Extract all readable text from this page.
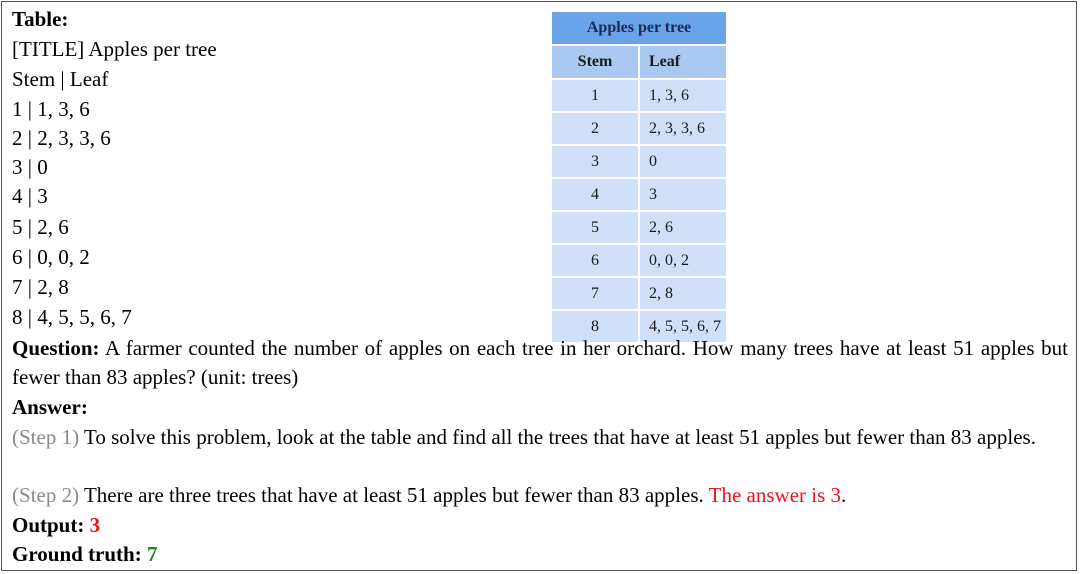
Table:
[TITLE] Apples per tree
Stem | Leaf
1 | 1, 3, 6
2 | 2, 3, 3, 6
3 | 0
4 | 3
5 | 2, 6
6 | 0, 0, 2
7 | 2, 8
8 | 4, 5, 5, 6, 7
Apples per tree	
Stem	Leaf
1	1, 3, 6
2	2, 3, 3, 6
3	0
4	3
5	2, 6
6	0, 0, 2
7	2, 8
8	4, 5, 5, 6, 7
Question: A farmer counted the number of apples on each tree in her orchard. How many trees have at least 51 apples but fewer than 83 apples? (unit: trees)
Answer:
(Step 1) To solve this problem, look at the table and find all the trees that have at least 51 apples but fewer than 83 apples.
(Step 2) There are three trees that have at least 51 apples but fewer than 83 apples. The answer is 3.
Output: 3
Ground truth: 7
